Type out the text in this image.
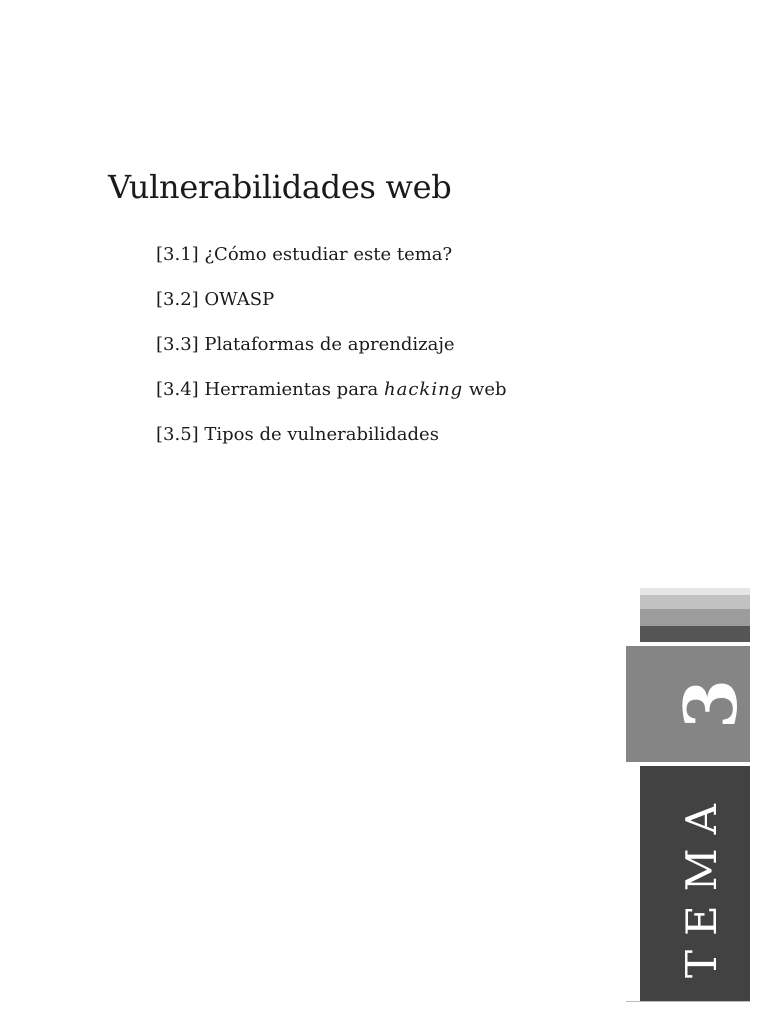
Vulnerabilidades web
[3.1] ¿Cómo estudiar este tema?
[3.2] OWASP
[3.3] Plataformas de aprendizaje
[3.4] Herramientas para hacking web
[3.5] Tipos de vulnerabilidades
3
TEMA
